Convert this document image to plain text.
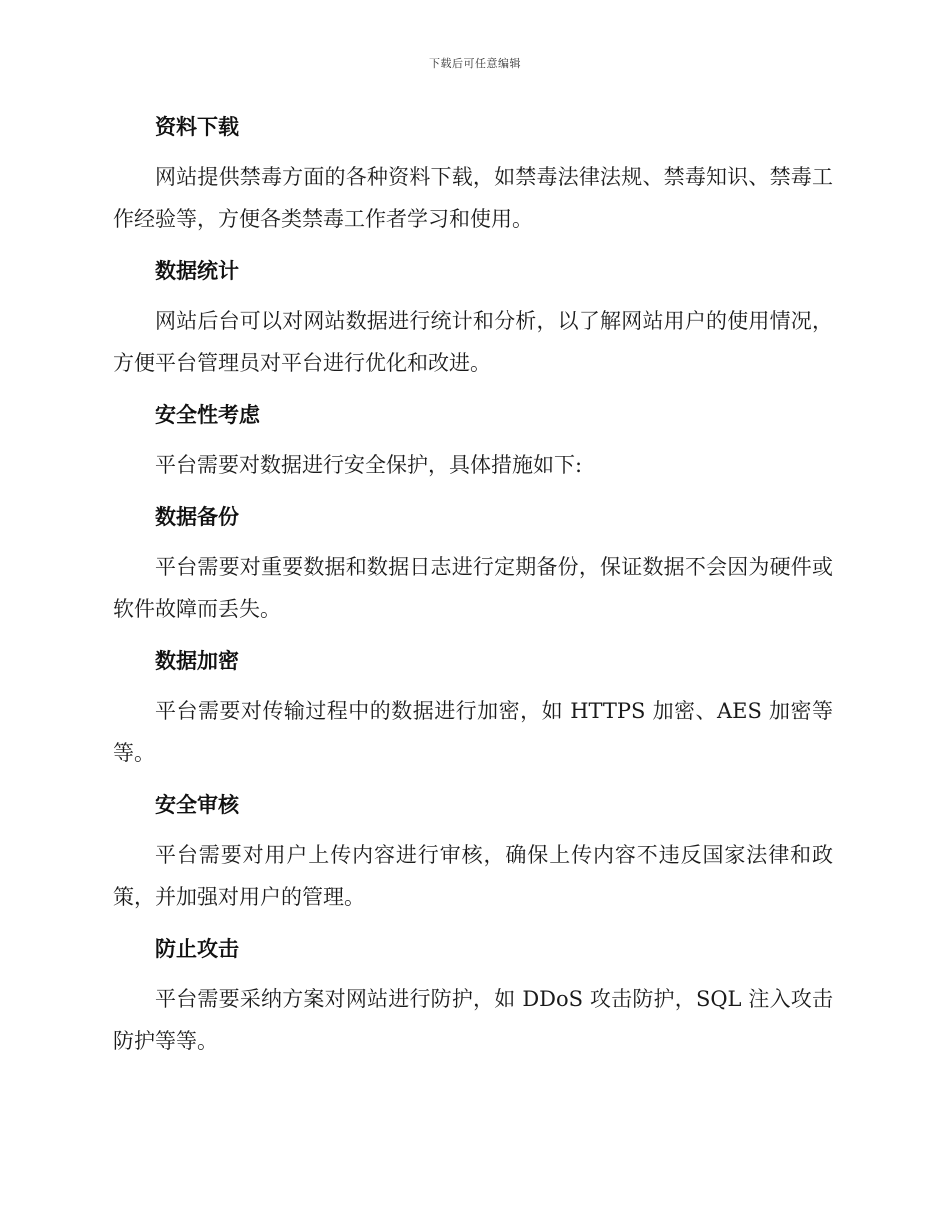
下载后可任意编辑
资料下载

网站提供禁毒方面的各种资料下载，如禁毒法律法规、禁毒知识、禁毒工作经验等，方便各类禁毒工作者学习和使用。

数据统计

网站后台可以对网站数据进行统计和分析，以了解网站用户的使用情况，方便平台管理员对平台进行优化和改进。

安全性考虑

平台需要对数据进行安全保护，具体措施如下:

数据备份

平台需要对重要数据和数据日志进行定期备份，保证数据不会因为硬件或软件故障而丢失。

数据加密

平台需要对传输过程中的数据进行加密，如 HTTPS 加密、AES 加密等等。

安全审核

平台需要对用户上传内容进行审核，确保上传内容不违反国家法律和政策，并加强对用户的管理。

防止攻击

平台需要采纳方案对网站进行防护，如 DDoS 攻击防护，SQL 注入攻击防护等等。
